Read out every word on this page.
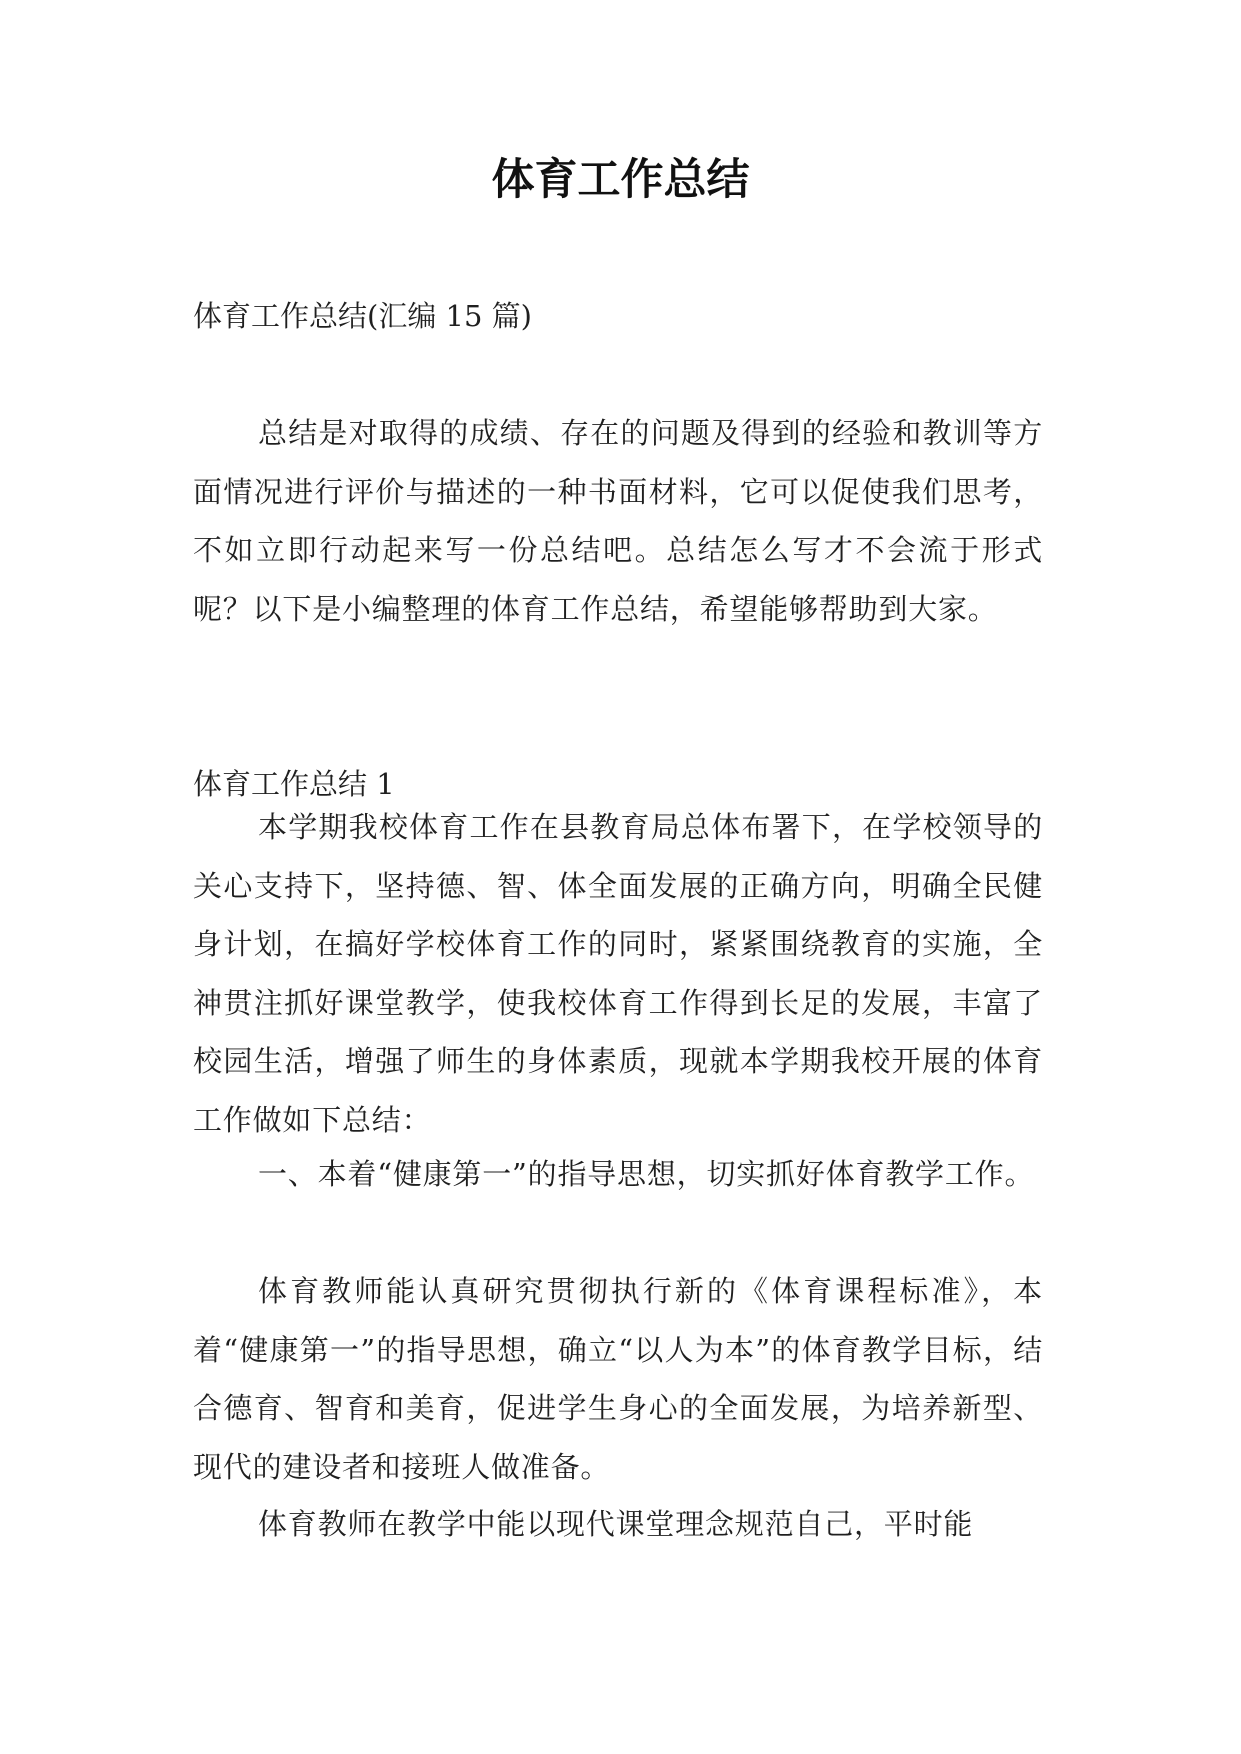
体育工作总结
体育工作总结(汇编 15 篇)
总结是对取得的成绩、存在的问题及得到的经验和教训等方面情况进行评价与描述的一种书面材料，它可以促使我们思考，不如立即行动起来写一份总结吧。总结怎么写才不会流于形式呢？以下是小编整理的体育工作总结，希望能够帮助到大家。
体育工作总结 1
本学期我校体育工作在县教育局总体布署下，在学校领导的关心支持下，坚持德、智、体全面发展的正确方向，明确全民健身计划，在搞好学校体育工作的同时，紧紧围绕教育的实施，全神贯注抓好课堂教学，使我校体育工作得到长足的发展，丰富了校园生活，增强了师生的身体素质，现就本学期我校开展的体育工作做如下总结：
一、本着“健康第一”的指导思想，切实抓好体育教学工作。
体育教师能认真研究贯彻执行新的《体育课程标准》，本着“健康第一”的指导思想，确立“以人为本”的体育教学目标，结合德育、智育和美育，促进学生身心的全面发展，为培养新型、现代的建设者和接班人做准备。
体育教师在教学中能以现代课堂理念规范自己，平时能
